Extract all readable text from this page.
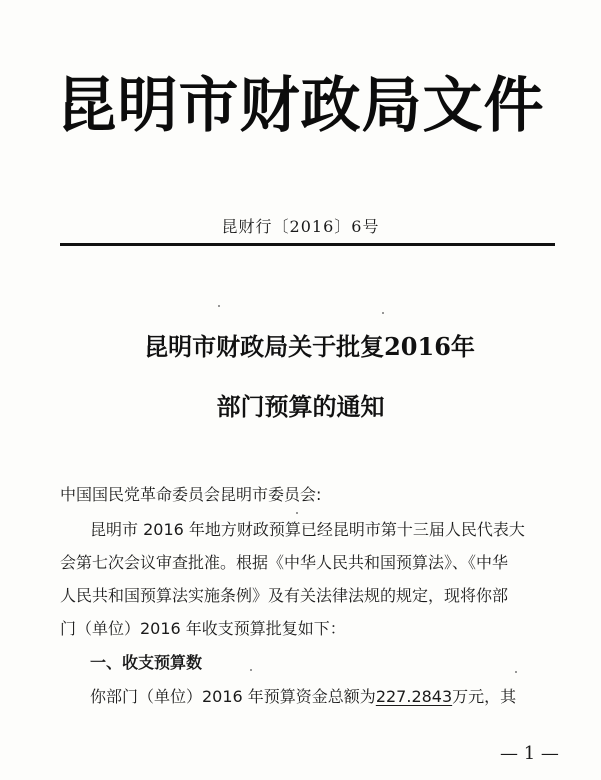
昆明市财政局文件
昆财行〔2016〕6号
昆明市财政局关于批复2016年
部门预算的通知
中国国民党革命委员会昆明市委员会:
昆明市 2016 年地方财政预算已经昆明市第十三届人民代表大
会第七次会议审查批准。根据《中华人民共和国预算法》、《中华
人民共和国预算法实施条例》及有关法律法规的规定，现将你部
门（单位）2016 年收支预算批复如下：
一、收支预算数
你部门（单位）2016 年预算资金总额为227.2843万元，其
— 1 —
